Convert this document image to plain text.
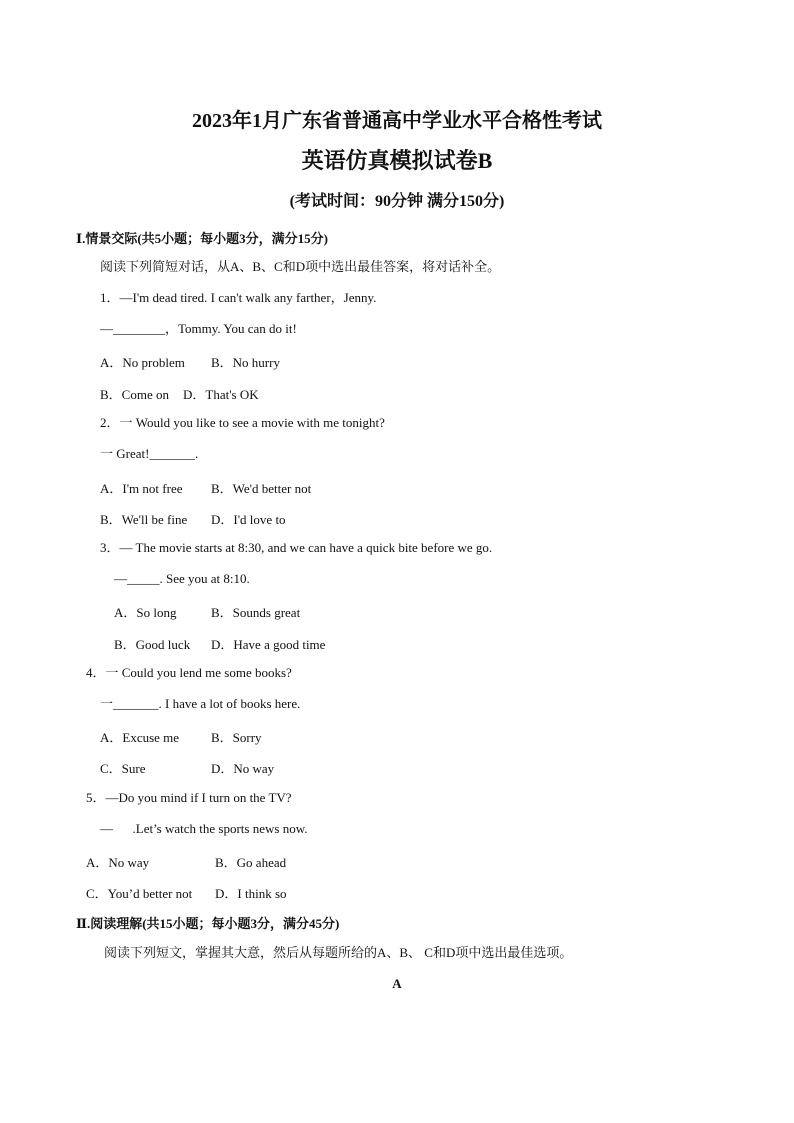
2023年1月广东省普通高中学业水平合格性考试
英语仿真模拟试卷B
(考试时间：90分钟 满分150分)
Ⅰ.情景交际(共5小题；每小题3分，满分15分)
阅读下列简短对话，从A、B、C和D项中选出最佳答案，将对话补全。
1．—I'm dead tired. I can't walk any farther，Jenny.
—________，Tommy. You can do it!
A．No problem B．No hurry
B．Come on D．That's OK
2．一 Would you like to see a movie with me tonight?
一 Great!_______.
A．I'm not free B．We'd better not
B．We'll be fine D．I'd love to
3．— The movie starts at 8:30, and we can have a quick bite before we go.
—_____. See you at 8:10.
A．So long	B．Sounds great
B．Good luck D．Have a good time
4．一 Could you lend me some books?
一_______. I have a lot of books here.
A．Excuse me B．Sorry
C．Sure	D．No way
5．—Do you mind if I turn on the TV?
—      .Let’s watch the sports news now.
A．No way	B．Go ahead
C．You’d better not D．I think so
Ⅱ.阅读理解(共15小题；每小题3分，满分45分)
阅读下列短文，掌握其大意，然后从每题所给的A、B、 C和D项中选出最佳选项。
A
